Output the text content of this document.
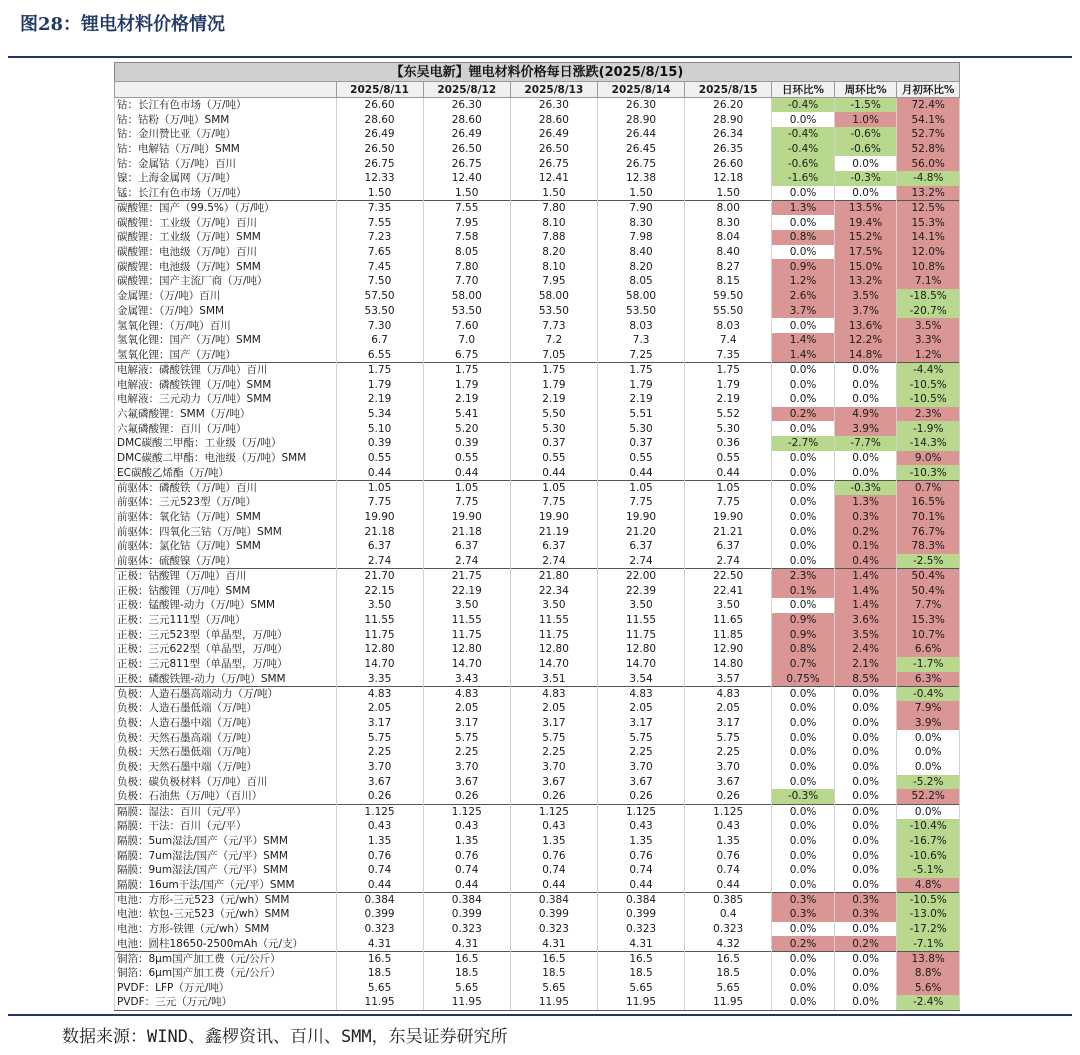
图28：锂电材料价格情况
【东吴电新】锂电材料价格每日涨跌(2025/8/15)
	2025/8/11	2025/8/12	2025/8/13	2025/8/14	2025/8/15	日环比%	周环比%	月初环比%
钴：长江有色市场（万/吨）	26.60	26.30	26.30	26.30	26.20	-0.4%	-1.5%	72.4%
钴：钴粉（万/吨）SMM	28.60	28.60	28.60	28.90	28.90	0.0%	1.0%	54.1%
钴：金川赞比亚（万/吨）	26.49	26.49	26.49	26.44	26.34	-0.4%	-0.6%	52.7%
钴：电解钴（万/吨）SMM	26.50	26.50	26.50	26.45	26.35	-0.4%	-0.6%	52.8%
钴：金属钴（万/吨）百川	26.75	26.75	26.75	26.75	26.60	-0.6%	0.0%	56.0%
镍：上海金属网（万/吨）	12.33	12.40	12.41	12.38	12.18	-1.6%	-0.3%	-4.8%
锰：长江有色市场（万/吨）	1.50	1.50	1.50	1.50	1.50	0.0%	0.0%	13.2%
碳酸锂：国产（99.5%）（万/吨）	7.35	7.55	7.80	7.90	8.00	1.3%	13.5%	12.5%
碳酸锂：工业级（万/吨）百川	7.55	7.95	8.10	8.30	8.30	0.0%	19.4%	15.3%
碳酸锂：工业级（万/吨）SMM	7.23	7.58	7.88	7.98	8.04	0.8%	15.2%	14.1%
碳酸锂：电池级（万/吨）百川	7.65	8.05	8.20	8.40	8.40	0.0%	17.5%	12.0%
碳酸锂：电池级（万/吨）SMM	7.45	7.80	8.10	8.20	8.27	0.9%	15.0%	10.8%
碳酸锂：国产主流厂商（万/吨）	7.50	7.70	7.95	8.05	8.15	1.2%	13.2%	7.1%
金属锂：（万/吨）百川	57.50	58.00	58.00	58.00	59.50	2.6%	3.5%	-18.5%
金属锂：（万/吨）SMM	53.50	53.50	53.50	53.50	55.50	3.7%	3.7%	-20.7%
氢氧化锂：（万/吨）百川	7.30	7.60	7.73	8.03	8.03	0.0%	13.6%	3.5%
氢氧化锂：国产（万/吨）SMM	6.7	7.0	7.2	7.3	7.4	1.4%	12.2%	3.3%
氢氧化锂：国产（万/吨）	6.55	6.75	7.05	7.25	7.35	1.4%	14.8%	1.2%
电解液：磷酸铁锂（万/吨）百川	1.75	1.75	1.75	1.75	1.75	0.0%	0.0%	-4.4%
电解液：磷酸铁锂（万/吨）SMM	1.79	1.79	1.79	1.79	1.79	0.0%	0.0%	-10.5%
电解液：三元动力（万/吨）SMM	2.19	2.19	2.19	2.19	2.19	0.0%	0.0%	-10.5%
六氟磷酸锂：SMM（万/吨）	5.34	5.41	5.50	5.51	5.52	0.2%	4.9%	2.3%
六氟磷酸锂：百川（万/吨）	5.10	5.20	5.30	5.30	5.30	0.0%	3.9%	-1.9%
DMC碳酸二甲酯：工业级（万/吨）	0.39	0.39	0.37	0.37	0.36	-2.7%	-7.7%	-14.3%
DMC碳酸二甲酯：电池级（万/吨）SMM	0.55	0.55	0.55	0.55	0.55	0.0%	0.0%	9.0%
EC碳酸乙烯酯（万/吨）	0.44	0.44	0.44	0.44	0.44	0.0%	0.0%	-10.3%
前驱体：磷酸铁（万/吨）百川	1.05	1.05	1.05	1.05	1.05	0.0%	-0.3%	0.7%
前驱体：三元523型（万/吨）	7.75	7.75	7.75	7.75	7.75	0.0%	1.3%	16.5%
前驱体：氧化钴（万/吨）SMM	19.90	19.90	19.90	19.90	19.90	0.0%	0.3%	70.1%
前驱体：四氧化三钴（万/吨）SMM	21.18	21.18	21.19	21.20	21.21	0.0%	0.2%	76.7%
前驱体：氯化钴（万/吨）SMM	6.37	6.37	6.37	6.37	6.37	0.0%	0.1%	78.3%
前驱体：硫酸镍（万/吨）	2.74	2.74	2.74	2.74	2.74	0.0%	0.4%	-2.5%
正极：钴酸锂（万/吨）百川	21.70	21.75	21.80	22.00	22.50	2.3%	1.4%	50.4%
正极：钴酸锂（万/吨）SMM	22.15	22.19	22.34	22.39	22.41	0.1%	1.4%	50.4%
正极：锰酸锂-动力（万/吨）SMM	3.50	3.50	3.50	3.50	3.50	0.0%	1.4%	7.7%
正极：三元111型（万/吨）	11.55	11.55	11.55	11.55	11.65	0.9%	3.6%	15.3%
正极：三元523型（单晶型，万/吨）	11.75	11.75	11.75	11.75	11.85	0.9%	3.5%	10.7%
正极：三元622型（单晶型，万/吨）	12.80	12.80	12.80	12.80	12.90	0.8%	2.4%	6.6%
正极：三元811型（单晶型，万/吨）	14.70	14.70	14.70	14.70	14.80	0.7%	2.1%	-1.7%
正极：磷酸铁锂-动力（万/吨）SMM	3.35	3.43	3.51	3.54	3.57	0.75%	8.5%	6.3%
负极：人造石墨高端动力（万/吨）	4.83	4.83	4.83	4.83	4.83	0.0%	0.0%	-0.4%
负极：人造石墨低端（万/吨）	2.05	2.05	2.05	2.05	2.05	0.0%	0.0%	7.9%
负极：人造石墨中端（万/吨）	3.17	3.17	3.17	3.17	3.17	0.0%	0.0%	3.9%
负极：天然石墨高端（万/吨）	5.75	5.75	5.75	5.75	5.75	0.0%	0.0%	0.0%
负极：天然石墨低端（万/吨）	2.25	2.25	2.25	2.25	2.25	0.0%	0.0%	0.0%
负极：天然石墨中端（万/吨）	3.70	3.70	3.70	3.70	3.70	0.0%	0.0%	0.0%
负极：碳负极材料（万/吨）百川	3.67	3.67	3.67	3.67	3.67	0.0%	0.0%	-5.2%
负极：石油焦（万/吨）（百川）	0.26	0.26	0.26	0.26	0.26	-0.3%	0.0%	52.2%
隔膜：湿法：百川（元/平）	1.125	1.125	1.125	1.125	1.125	0.0%	0.0%	0.0%
隔膜：干法：百川（元/平）	0.43	0.43	0.43	0.43	0.43	0.0%	0.0%	-10.4%
隔膜：5um湿法/国产（元/平）SMM	1.35	1.35	1.35	1.35	1.35	0.0%	0.0%	-16.7%
隔膜：7um湿法/国产（元/平）SMM	0.76	0.76	0.76	0.76	0.76	0.0%	0.0%	-10.6%
隔膜：9um湿法/国产（元/平）SMM	0.74	0.74	0.74	0.74	0.74	0.0%	0.0%	-5.1%
隔膜：16um干法/国产（元/平）SMM	0.44	0.44	0.44	0.44	0.44	0.0%	0.0%	4.8%
电池：方形-三元523（元/wh）SMM	0.384	0.384	0.384	0.384	0.385	0.3%	0.3%	-10.5%
电池：软包-三元523（元/wh）SMM	0.399	0.399	0.399	0.399	0.4	0.3%	0.3%	-13.0%
电池：方形-铁锂（元/wh）SMM	0.323	0.323	0.323	0.323	0.323	0.0%	0.0%	-17.2%
电池：圆柱18650-2500mAh（元/支）	4.31	4.31	4.31	4.31	4.32	0.2%	0.2%	-7.1%
铜箔：8μm国产加工费（元/公斤）	16.5	16.5	16.5	16.5	16.5	0.0%	0.0%	13.8%
铜箔：6μm国产加工费（元/公斤）	18.5	18.5	18.5	18.5	18.5	0.0%	0.0%	8.8%
PVDF：LFP（万元/吨）	5.65	5.65	5.65	5.65	5.65	0.0%	0.0%	5.6%
PVDF：三元（万元/吨）	11.95	11.95	11.95	11.95	11.95	0.0%	0.0%	-2.4%
数据来源：WIND、鑫椤资讯、百川、SMM，东吴证券研究所
